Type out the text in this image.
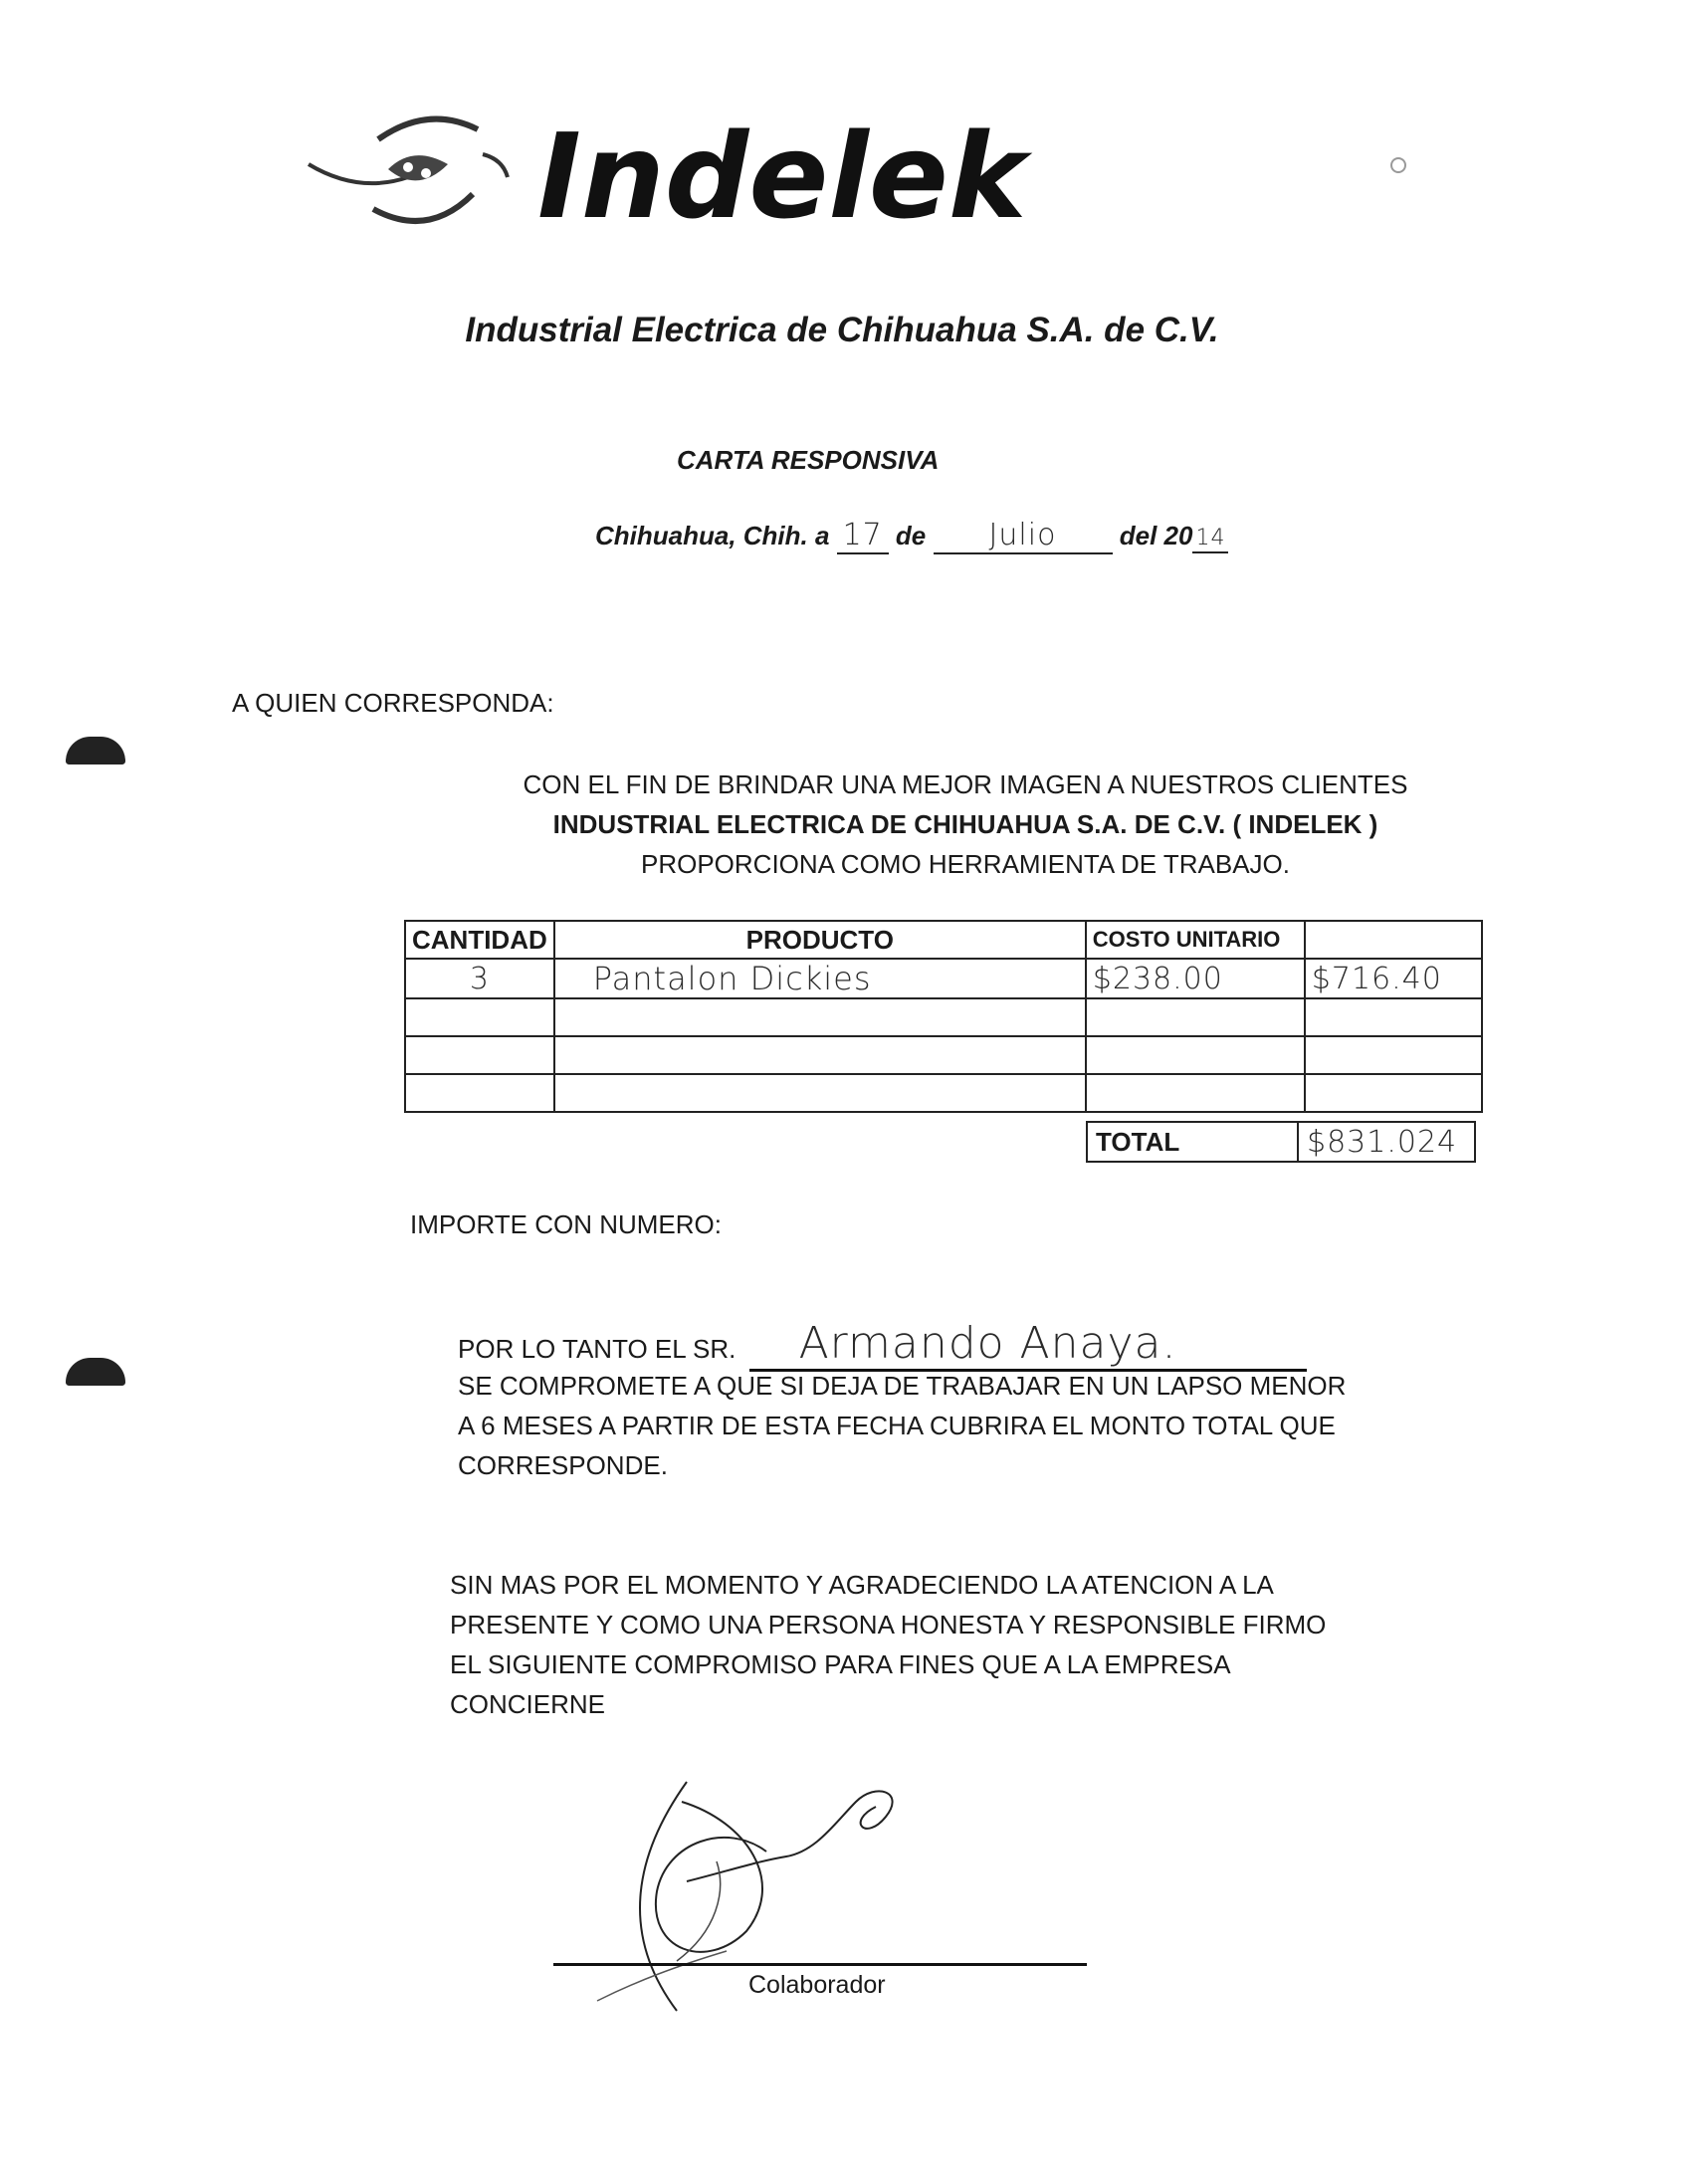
Indelek
Industrial Electrica de Chihuahua S.A. de C.V.
CARTA RESPONSIVA
Chihuahua, Chih. a 17 de Julio del 20 14
A QUIEN CORRESPONDA:
CON EL FIN DE BRINDAR UNA MEJOR IMAGEN A NUESTROS CLIENTES
INDUSTRIAL ELECTRICA DE CHIHUAHUA S.A. DE C.V. ( INDELEK )
PROPORCIONA COMO HERRAMIENTA DE TRABAJO.
CANTIDAD	PRODUCTO	COSTO UNITARIO	
3	Pantalon Dickies	$238.00	$716.40

TOTAL	$831.024
IMPORTE CON NUMERO:
POR LO TANTO EL SR. Armando Anaya.
SE COMPROMETE A QUE SI DEJA DE TRABAJAR EN UN LAPSO MENOR
A 6 MESES A PARTIR DE ESTA FECHA CUBRIRA EL MONTO TOTAL QUE
CORRESPONDE.
SIN MAS POR EL MOMENTO Y AGRADECIENDO LA ATENCION A LA
PRESENTE Y COMO UNA PERSONA HONESTA Y RESPONSIBLE FIRMO
EL SIGUIENTE COMPROMISO PARA FINES QUE A LA EMPRESA
CONCIERNE
Colaborador
